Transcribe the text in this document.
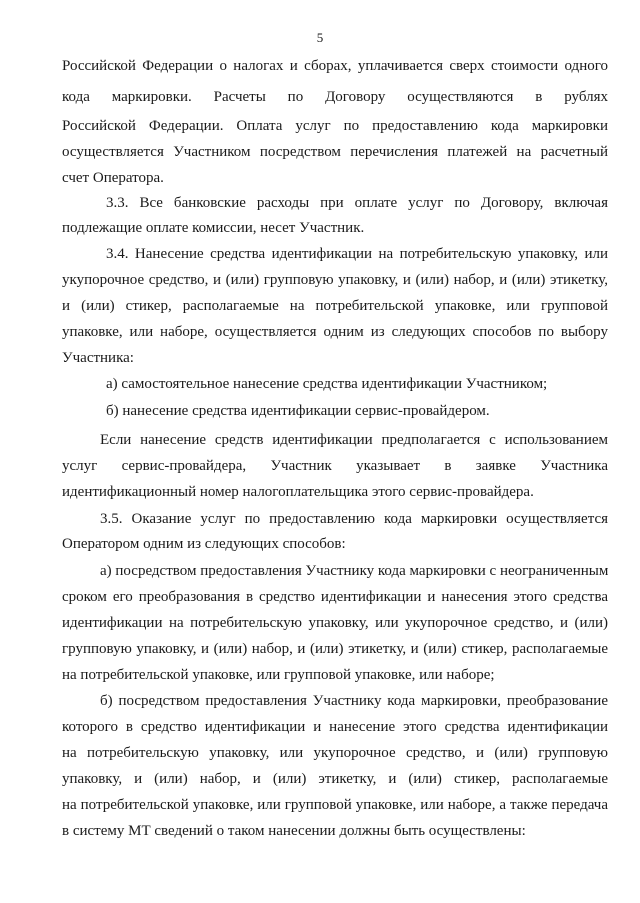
5
Российской Федерации о налогах и сборах, уплачивается сверх стоимости одного
кода маркировки. Расчеты по Договору осуществляются в рублях
Российской Федерации. Оплата услуг по предоставлению кода маркировки
осуществляется Участником посредством перечисления платежей на расчетный
счет Оператора.
3.3. Все банковские расходы при оплате услуг по Договору, включая
подлежащие оплате комиссии, несет Участник.
3.4. Нанесение средства идентификации на потребительскую упаковку, или
укупорочное средство, и (или) групповую упаковку, и (или) набор, и (или) этикетку,
и (или) стикер, располагаемые на потребительской упаковке, или групповой
упаковке, или наборе, осуществляется одним из следующих способов по выбору
Участника:
а) самостоятельное нанесение средства идентификации Участником;
б) нанесение средства идентификации сервис-провайдером.
Если нанесение средств идентификации предполагается с использованием
услуг сервис-провайдера, Участник указывает в заявке Участника
идентификационный номер налогоплательщика этого сервис-провайдера.
3.5. Оказание услуг по предоставлению кода маркировки осуществляется
Оператором одним из следующих способов:
а) посредством предоставления Участнику кода маркировки с неограниченным
сроком его преобразования в средство идентификации и нанесения этого средства
идентификации на потребительскую упаковку, или укупорочное средство, и (или)
групповую упаковку, и (или) набор, и (или) этикетку, и (или) стикер, располагаемые
на потребительской упаковке, или групповой упаковке, или наборе;
б) посредством предоставления Участнику кода маркировки, преобразование
которого в средство идентификации и нанесение этого средства идентификации
на потребительскую упаковку, или укупорочное средство, и (или) групповую
упаковку, и (или) набор, и (или) этикетку, и (или) стикер, располагаемые
на потребительской упаковке, или групповой упаковке, или наборе, а также передача
в систему МТ сведений о таком нанесении должны быть осуществлены:
